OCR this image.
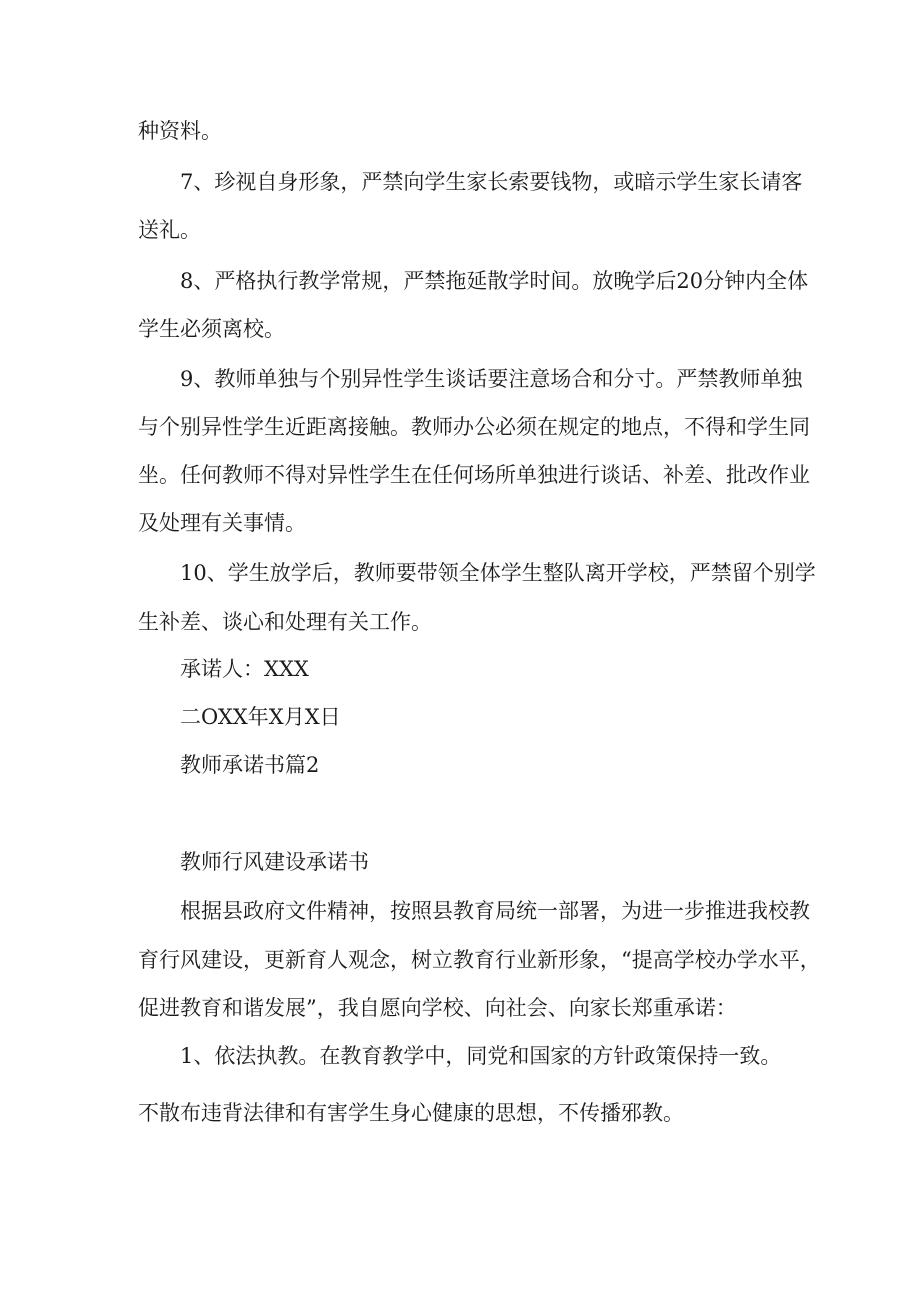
种资料。
7、珍视自身形象，严禁向学生家长索要钱物，或暗示学生家长请客
送礼。
8、严格执行教学常规，严禁拖延散学时间。放晚学后20分钟内全体
学生必须离校。
9、教师单独与个别异性学生谈话要注意场合和分寸。严禁教师单独
与个别异性学生近距离接触。教师办公必须在规定的地点，不得和学生同
坐。任何教师不得对异性学生在任何场所单独进行谈话、补差、批改作业
及处理有关事情。
10、学生放学后，教师要带领全体学生整队离开学校，严禁留个别学
生补差、谈心和处理有关工作。
承诺人：XXX
二OXX年X月X日
教师承诺书篇2
教师行风建设承诺书
根据县政府文件精神，按照县教育局统一部署，为进一步推进我校教
育行风建设，更新育人观念，树立教育行业新形象，“提高学校办学水平，
促进教育和谐发展”，我自愿向学校、向社会、向家长郑重承诺：
1、依法执教。在教育教学中，同党和国家的方针政策保持一致。
不散布违背法律和有害学生身心健康的思想，不传播邪教。
